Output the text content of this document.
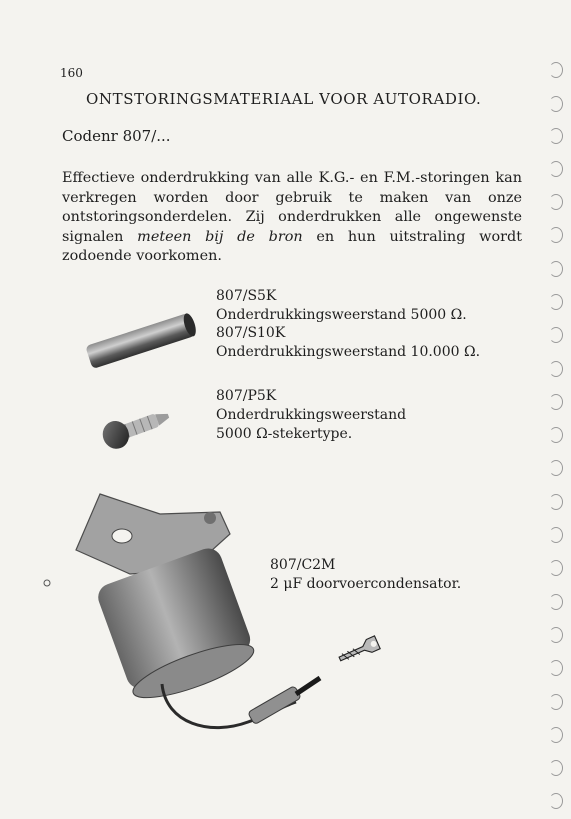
160
ONTSTORINGSMATERIAAL VOOR AUTORADIO.
Codenr 807/...
Effectieve onderdrukking van alle K.G.- en F.M.-storingen kan verkregen worden door gebruik te maken van onze ontstoringsonderdelen. Zij onderdrukken alle ongewenste signalen meteen bij de bron en hun uitstraling wordt zodoende voorkomen.
807/S5K
Onderdrukkingsweerstand 5000 Ω.
807/S10K
Onderdrukkingsweerstand 10.000 Ω.
807/P5K
Onderdrukkingsweerstand
5000 Ω-stekertype.
807/C2M
2 μF doorvoercondensator.
